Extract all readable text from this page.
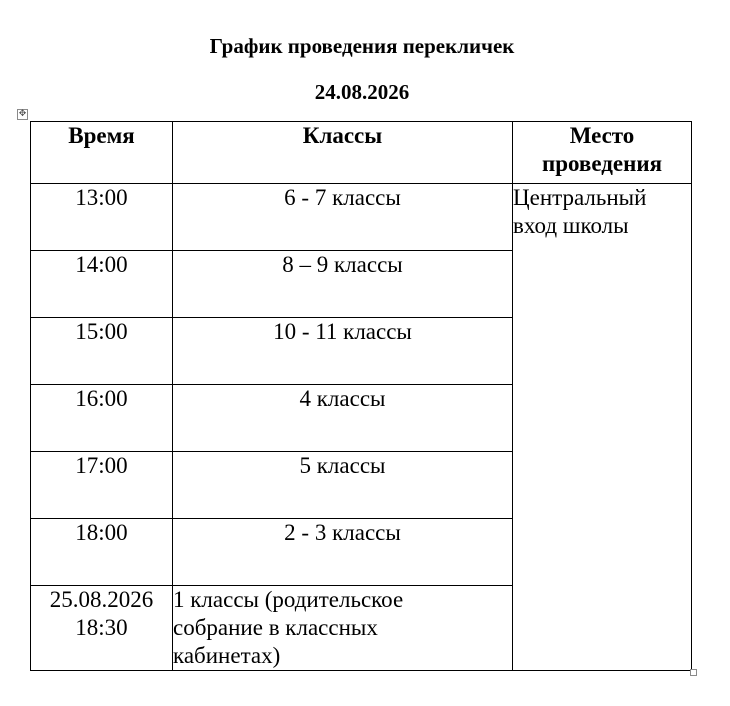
График проведения перекличек
24.08.2026
✥
Время	Классы	Место
проведения

13:00	6 - 7 классы	Центральный
вход школы

14:00	8 – 9 классы	
15:00	10 - 11 классы	
16:00	4 классы	
17:00	5 классы	
18:00	2 - 3 классы	

25.08.2026
18:30	1 классы (родительское
собрание в классных
кабинетах)	
